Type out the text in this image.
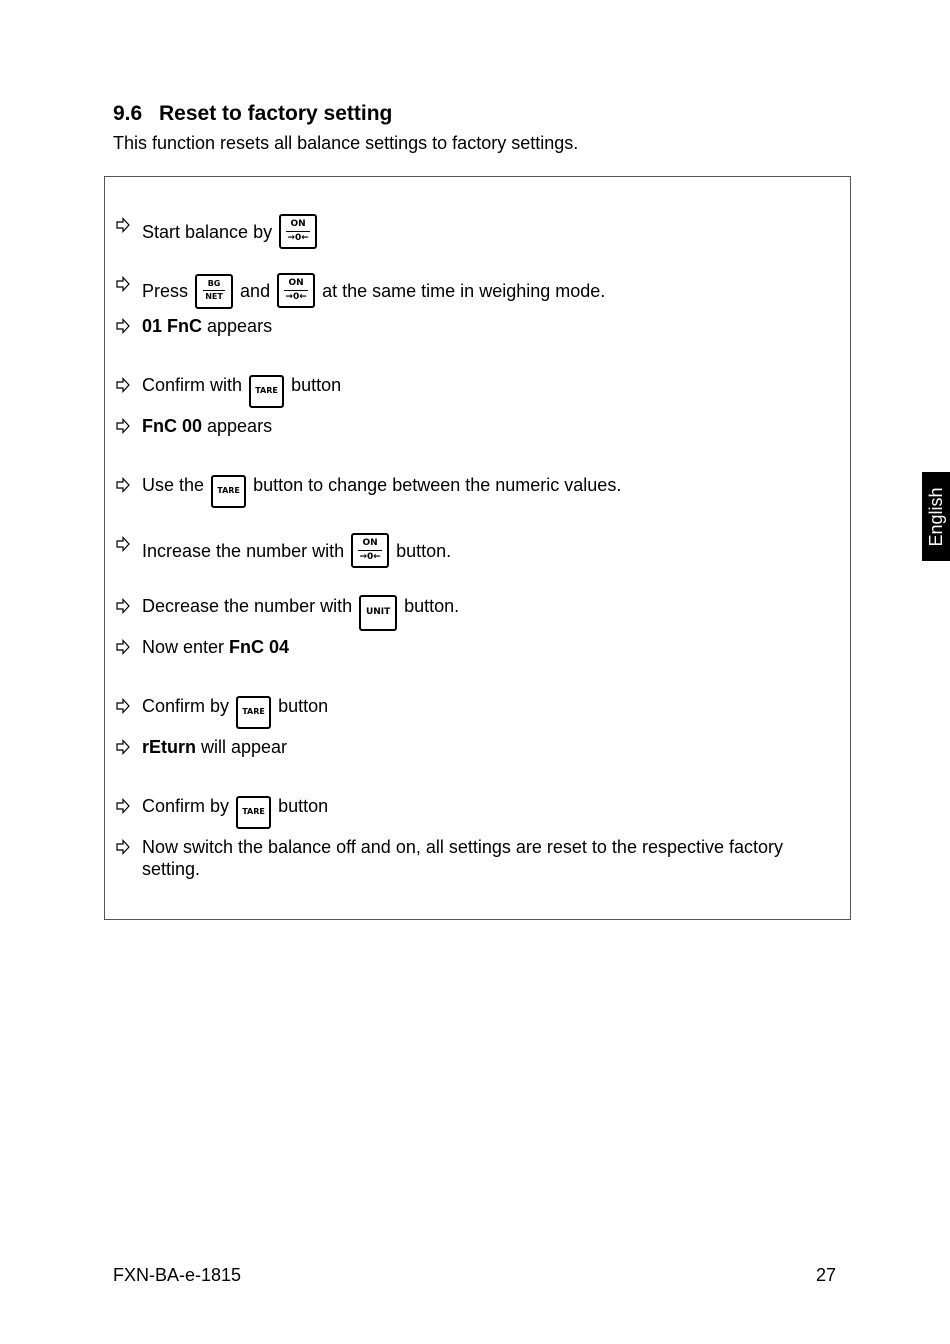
9.6 Reset to factory setting

This function resets all balance settings to factory settings.

Start balance by $\frac{ON}{\to 0\leftarrow}$
Press	BG
NET and $\frac{ON}{\to 0\leftarrow}$ at the same time in weighing mode.
01 FnC appears
Confirm with	TARE button
FnC 00 appears
Use the	TARE button to change between the numeric values.
Increase the number with $\frac{ON}{\to 0\leftarrow}$ button.
Decrease the number with	UNIT button.
Now enter FnC 04
Confirm by	TARE button
rEturn will appear
Confirm by	TARE button
Now switch the balance off and on, all settings are reset to the respective factory setting.
English
FXN-BA-e-1815	27
